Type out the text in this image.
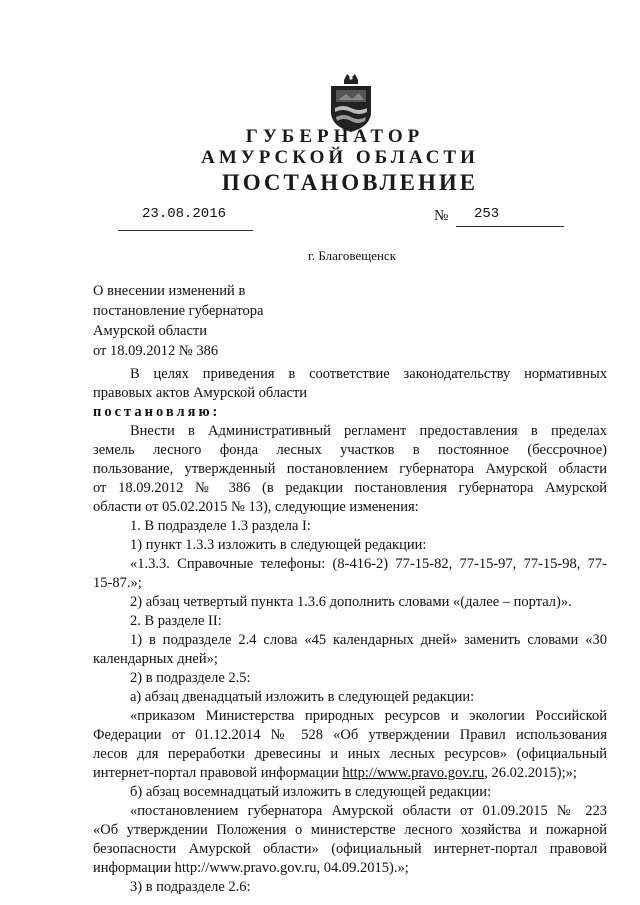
ГУБЕРНАТОР
АМУРСКОЙ ОБЛАСТИ
ПОСТАНОВЛЕНИЕ
23.08.2016	№ 253
г. Благовещенск
О внесении изменений в
постановление губернатора
Амурской области
от 18.09.2012 № 386

В целях приведения в соответствие законодательству нормативных

правовых актов Амурской области

постановляю:

Внести в Административный регламент предоставления в пределах

земель лесного фонда лесных участков в постоянное (бессрочное)

пользование, утвержденный постановлением губернатора Амурской области

от 18.09.2012 № 386 (в редакции постановления губернатора Амурской

области от 05.02.2015 № 13), следующие изменения:

1. В подразделе 1.3 раздела I:

1) пункт 1.3.3 изложить в следующей редакции:

«1.3.3. Справочные телефоны: (8-416-2) 77-15-82, 77-15-97, 77-15-98, 77-

15-87.»;

2) абзац четвертый пункта 1.3.6 дополнить словами «(далее – портал)».

2. В разделе II:

1) в подразделе 2.4 слова «45 календарных дней» заменить словами «30

календарных дней»;

2) в подразделе 2.5:

а) абзац двенадцатый изложить в следующей редакции:

«приказом Министерства природных ресурсов и экологии Российской

Федерации от 01.12.2014 № 528 «Об утверждении Правил использования

лесов для переработки древесины и иных лесных ресурсов» (официальный

интернет-портал правовой информации http://www.pravo.gov.ru, 26.02.2015);»;

б) абзац восемнадцатый изложить в следующей редакции:

«постановлением губернатора Амурской области от 01.09.2015 № 223

«Об утверждении Положения о министерстве лесного хозяйства и пожарной

безопасности Амурской области» (официальный интернет-портал правовой

информации http://www.pravo.gov.ru, 04.09.2015).»;

3) в подразделе 2.6:
